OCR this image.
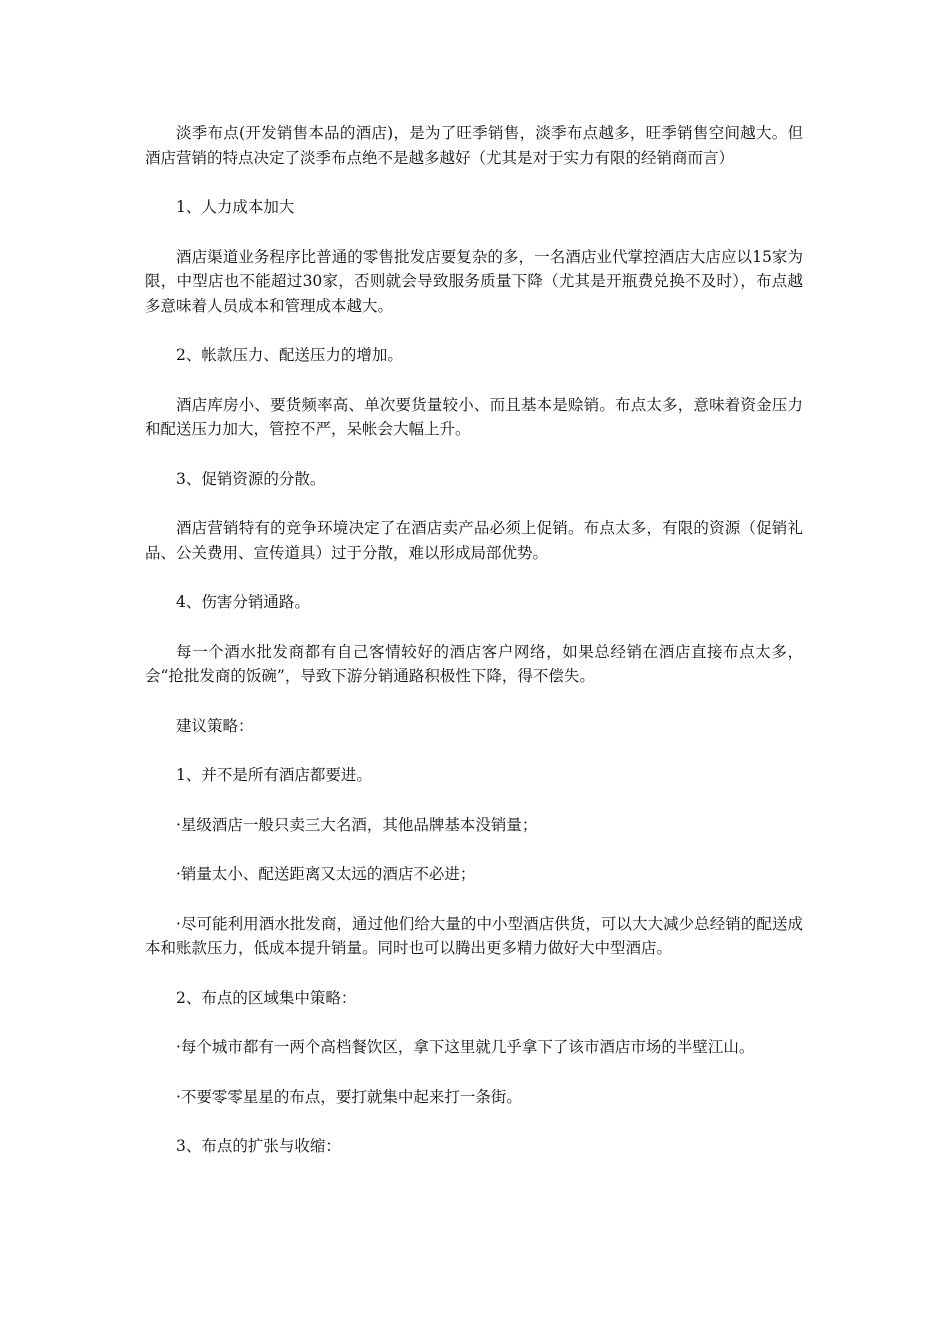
淡季布点(开发销售本品的酒店)，是为了旺季销售，淡季布点越多，旺季销售空间越大。但酒店营销的特点决定了淡季布点绝不是越多越好（尤其是对于实力有限的经销商而言）

1、人力成本加大

酒店渠道业务程序比普通的零售批发店要复杂的多，一名酒店业代掌控酒店大店应以15家为限，中型店也不能超过30家，否则就会导致服务质量下降（尤其是开瓶费兑换不及时），布点越多意味着人员成本和管理成本越大。

2、帐款压力、配送压力的增加。

酒店库房小、要货频率高、单次要货量较小、而且基本是赊销。布点太多，意味着资金压力和配送压力加大，管控不严，呆帐会大幅上升。

3、促销资源的分散。

酒店营销特有的竞争环境决定了在酒店卖产品必须上促销。布点太多，有限的资源（促销礼品、公关费用、宣传道具）过于分散，难以形成局部优势。

4、伤害分销通路。

每一个酒水批发商都有自己客情较好的酒店客户网络，如果总经销在酒店直接布点太多，会“抢批发商的饭碗”，导致下游分销通路积极性下降，得不偿失。

建议策略：

1、并不是所有酒店都要进。

·星级酒店一般只卖三大名酒，其他品牌基本没销量；

·销量太小、配送距离又太远的酒店不必进；

·尽可能利用酒水批发商，通过他们给大量的中小型酒店供货，可以大大减少总经销的配送成本和账款压力，低成本提升销量。同时也可以腾出更多精力做好大中型酒店。

2、布点的区域集中策略：

·每个城市都有一两个高档餐饮区，拿下这里就几乎拿下了该市酒店市场的半壁江山。

·不要零零星星的布点，要打就集中起来打一条街。

3、布点的扩张与收缩：
